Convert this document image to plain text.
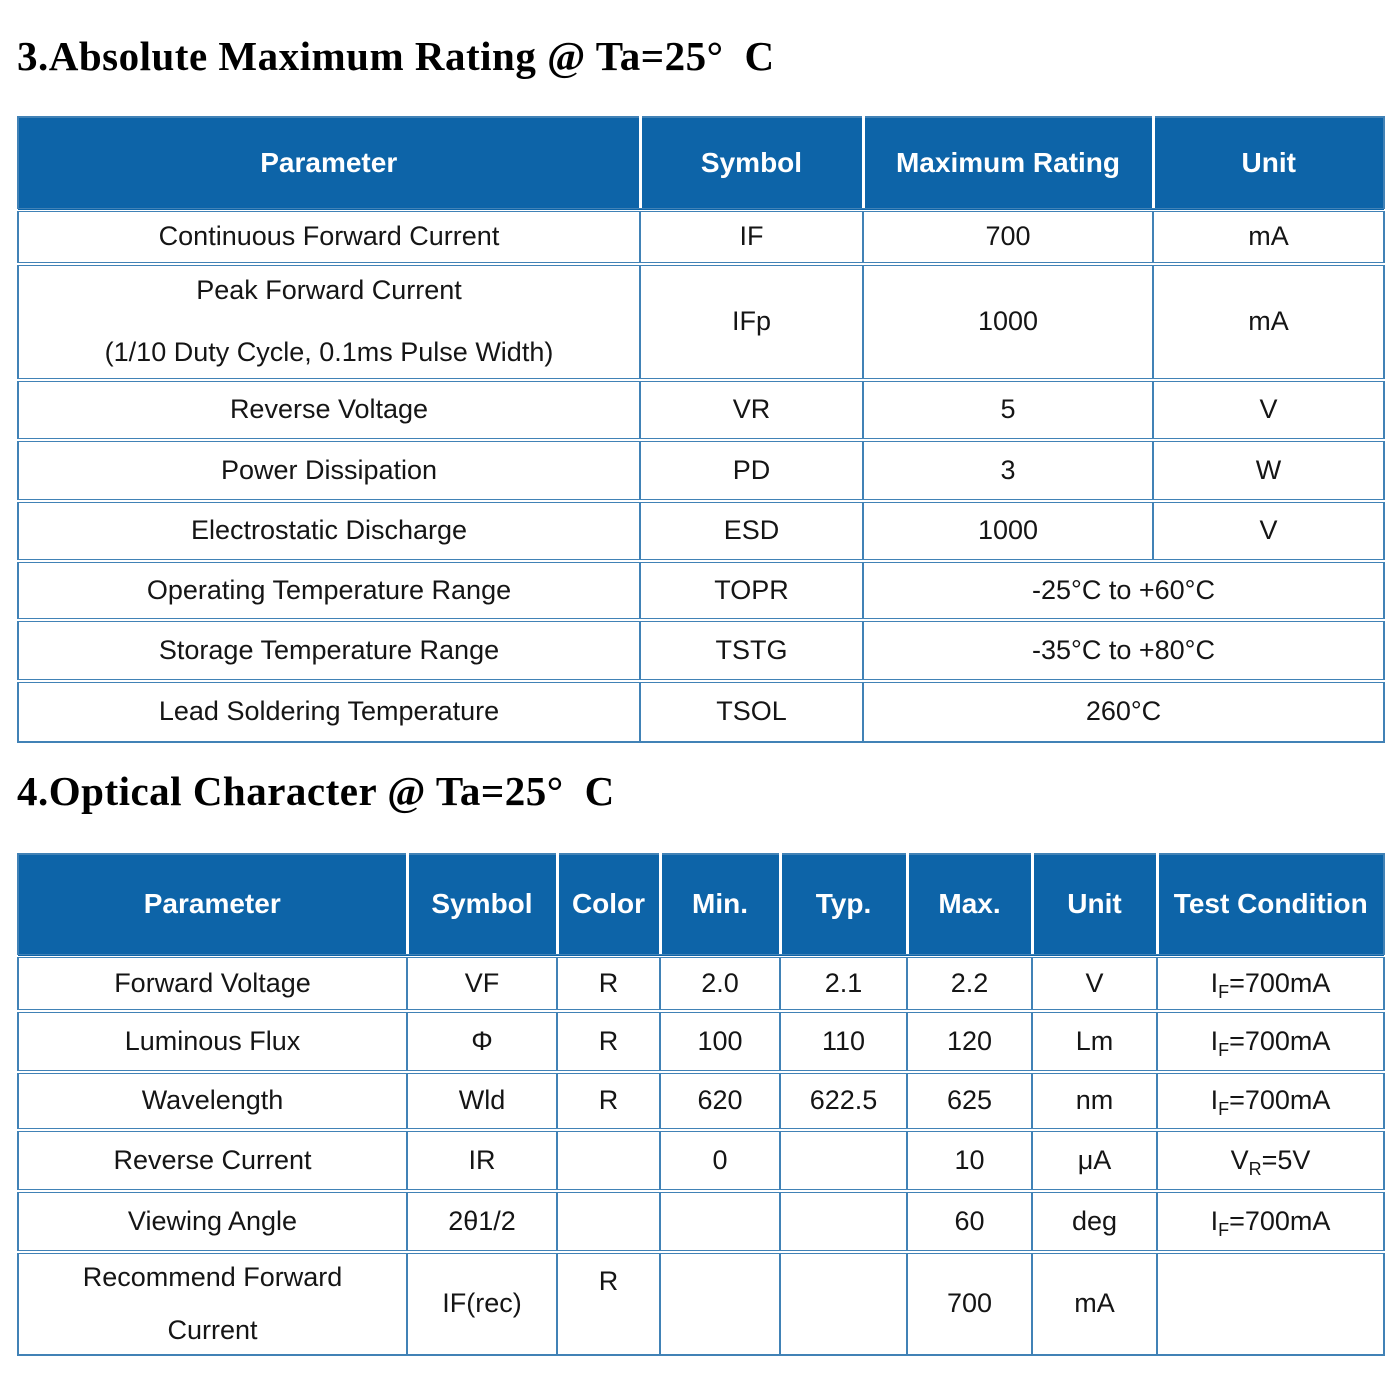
3.Absolute Maximum Rating @ Ta=25° C
Parameter	Symbol	Maximum Rating	Unit
Continuous Forward Current	IF	700	mA

Peak Forward Current
(1/10 Duty Cycle, 0.1ms Pulse Width)	IFp	1000	mA
Reverse Voltage	VR	5	V
Power Dissipation	PD	3	W
Electrostatic Discharge	ESD	1000	V
Operating Temperature Range	TOPR	-25°C to +60°C	
Storage Temperature Range	TSTG	-35°C to +80°C	
Lead Soldering Temperature	TSOL	260°C	
4.Optical Character @ Ta=25° C
Parameter	Symbol	Color	Min.	Typ.	Max.	Unit	Test Condition
Forward Voltage	VF	R	2.0	2.1	2.2	V	$I_F=700mA$
Luminous Flux	Φ	R	100	110	120	Lm	$I_F=700mA$
Wavelength	Wld	R	620	622.5	625	nm	$I_F=700mA$
Reverse Current	IR		0		10	μA	$V_R=5V$
Viewing Angle	2θ1/2				60	deg	$I_F=700mA$

Recommend Forward
Current	IF(rec)	R			700	mA	
